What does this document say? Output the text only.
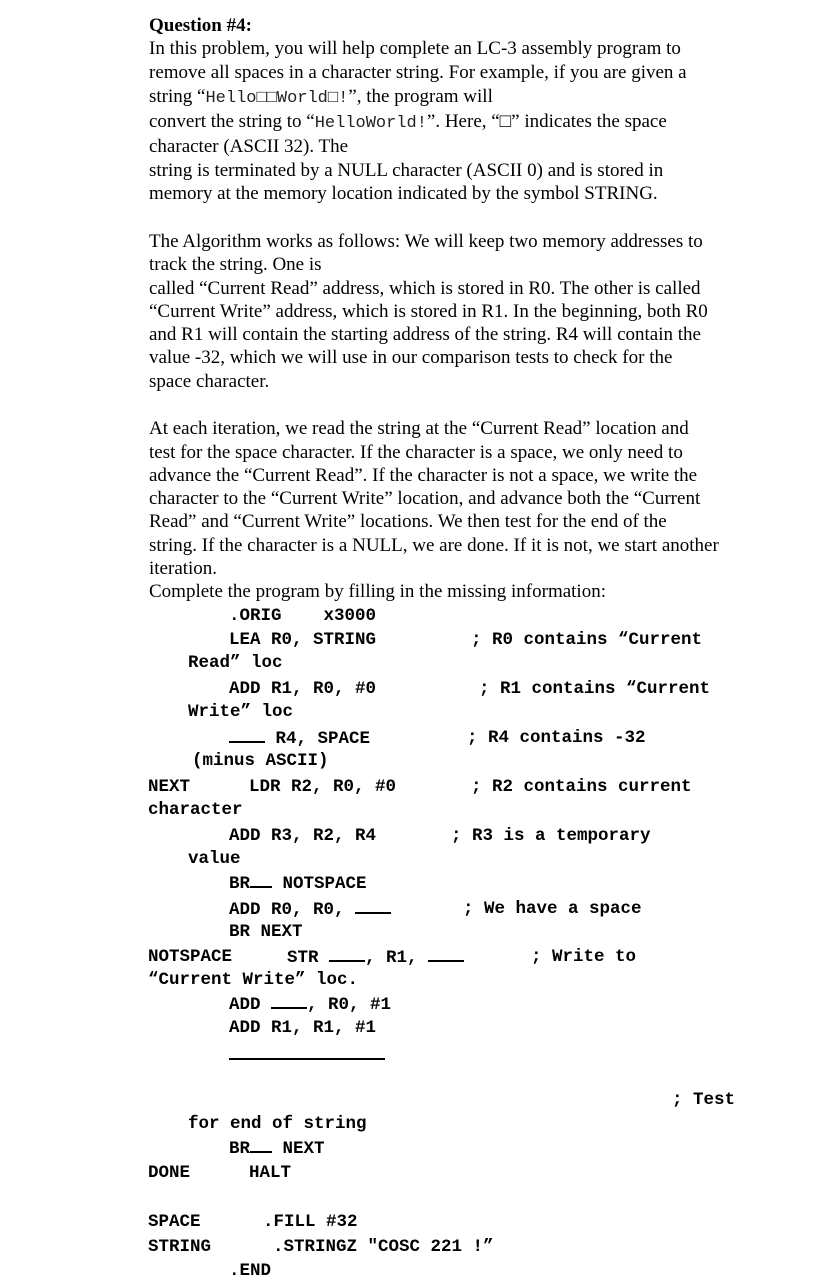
Question #4:
In this problem, you will help complete an LC-3 assembly program to
remove all spaces in a character string. For example, if you are given a
string “Hello□□World□!”, the program will
convert the string to “HelloWorld!”. Here, “□” indicates the space
character (ASCII 32). The
string is terminated by a NULL character (ASCII 0) and is stored in
memory at the memory location indicated by the symbol STRING.
The Algorithm works as follows: We will keep two memory addresses to
track the string. One is
called “Current Read” address, which is stored in R0. The other is called
“Current Write” address, which is stored in R1. In the beginning, both R0
and R1 will contain the starting address of the string. R4 will contain the
value -32, which we will use in our comparison tests to check for the
space character.
At each iteration, we read the string at the “Current Read” location and
test for the space character. If the character is a space, we only need to
advance the “Current Read”. If the character is not a space, we write the
character to the “Current Write” location, and advance both the “Current
Read” and “Current Write” locations. We then test for the end of the
string. If the character is a NULL, we are done. If it is not, we start another
iteration.
Complete the program by filling in the missing information:
.ORIG    x3000
LEA R0, STRING	; R0 contains “Current
Read” loc
ADD R1, R0, #0	; R1 contains “Current
Write” loc
R4, SPACE	; R4 contains -32
(minus ASCII)
NEXT	LDR R2, R0, #0	; R2 contains current
character
ADD R3, R2, R4	; R3 is a temporary
value
BR NOTSPACE
ADD R0, R0,	; We have a space
BR NEXT
NOTSPACE	STR , R1,	; Write to
“Current Write” loc.
ADD , R0, #1
ADD R1, R1, #1
; Test
for end of string
BR NEXT
DONE	HALT
SPACE	.FILL #32
STRING	.STRINGZ "COSC 221 !”
.END
